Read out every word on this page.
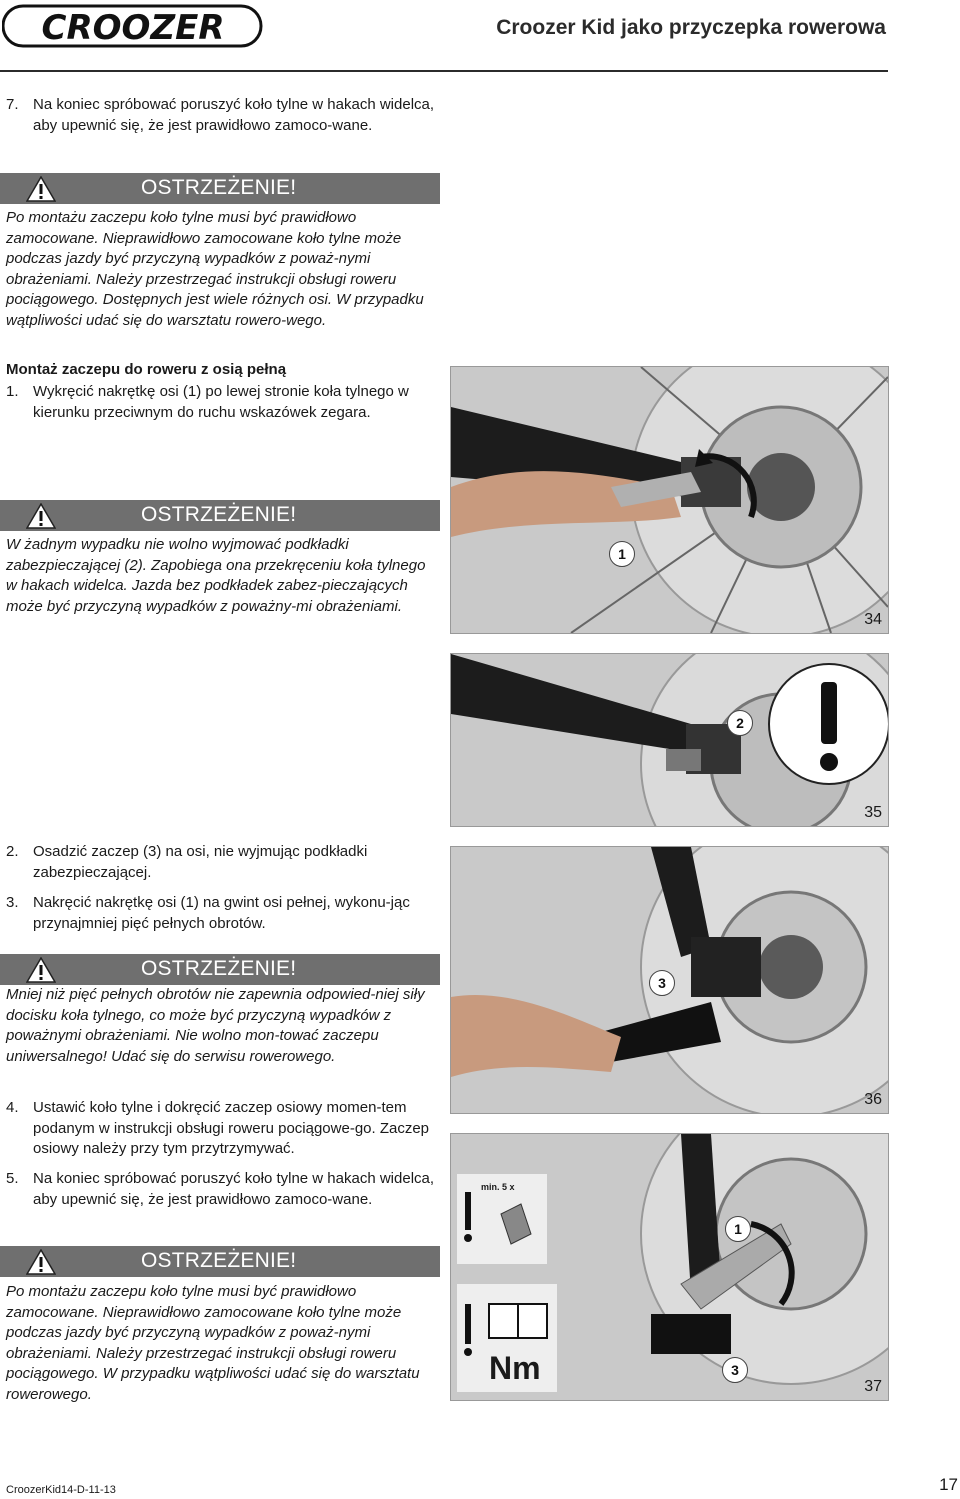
CROOZER	Croozer Kid jako przyczepka rowerowa
7. Na koniec spróbować poruszyć koło tylne w hakach widelca, aby upewnić się, że jest prawidłowo zamoco-wane.
OSTRZEŻENIE!
Po montażu zaczepu koło tylne musi być prawidłowo zamocowane. Nieprawidłowo zamocowane koło tylne może podczas jazdy być przyczyną wypadków z poważ-nymi obrażeniami. Należy przestrzegać instrukcji obsługi roweru pociągowego. Dostępnych jest wiele różnych osi. W przypadku wątpliwości udać się do warsztatu rowero-wego.
Montaż zaczepu do roweru z osią pełną
1. Wykręcić nakrętkę osi (1) po lewej stronie koła tylnego w kierunku przeciwnym do ruchu wskazówek zegara.
OSTRZEŻENIE!
W żadnym wypadku nie wolno wyjmować podkładki zabezpieczającej (2). Zapobiega ona przekręceniu koła tylnego w hakach widelca. Jazda bez podkładek zabez-pieczających może być przyczyną wypadków z poważny-mi obrażeniami.
2. Osadzić zaczep (3) na osi, nie wyjmując podkładki zabezpieczającej.
3. Nakręcić nakrętkę osi (1) na gwint osi pełnej, wykonu-jąc przynajmniej pięć pełnych obrotów.
OSTRZEŻENIE!
Mniej niż pięć pełnych obrotów nie zapewnia odpowied-niej siły docisku koła tylnego, co może być przyczyną wypadków z poważnymi obrażeniami. Nie wolno mon-tować zaczepu uniwersalnego! Udać się do serwisu rowerowego.
4. Ustawić koło tylne i dokręcić zaczep osiowy momen-tem podanym w instrukcji obsługi roweru pociągowe-go. Zaczep osiowy należy przy tym przytrzymywać.
5. Na koniec spróbować poruszyć koło tylne w hakach widelca, aby upewnić się, że jest prawidłowo zamoco-wane.
OSTRZEŻENIE!
Po montażu zaczepu koło tylne musi być prawidłowo zamocowane. Nieprawidłowo zamocowane koło tylne może podczas jazdy być przyczyną wypadków z poważ-nymi obrażeniami. Należy przestrzegać instrukcji obsługi roweru pociągowego. W przypadku wątpliwości udać się do warsztatu rowerowego.
1
34
2
35
3
36
min. 5 x
Nm
1
3
37
CroozerKid14-D-11-13	17
